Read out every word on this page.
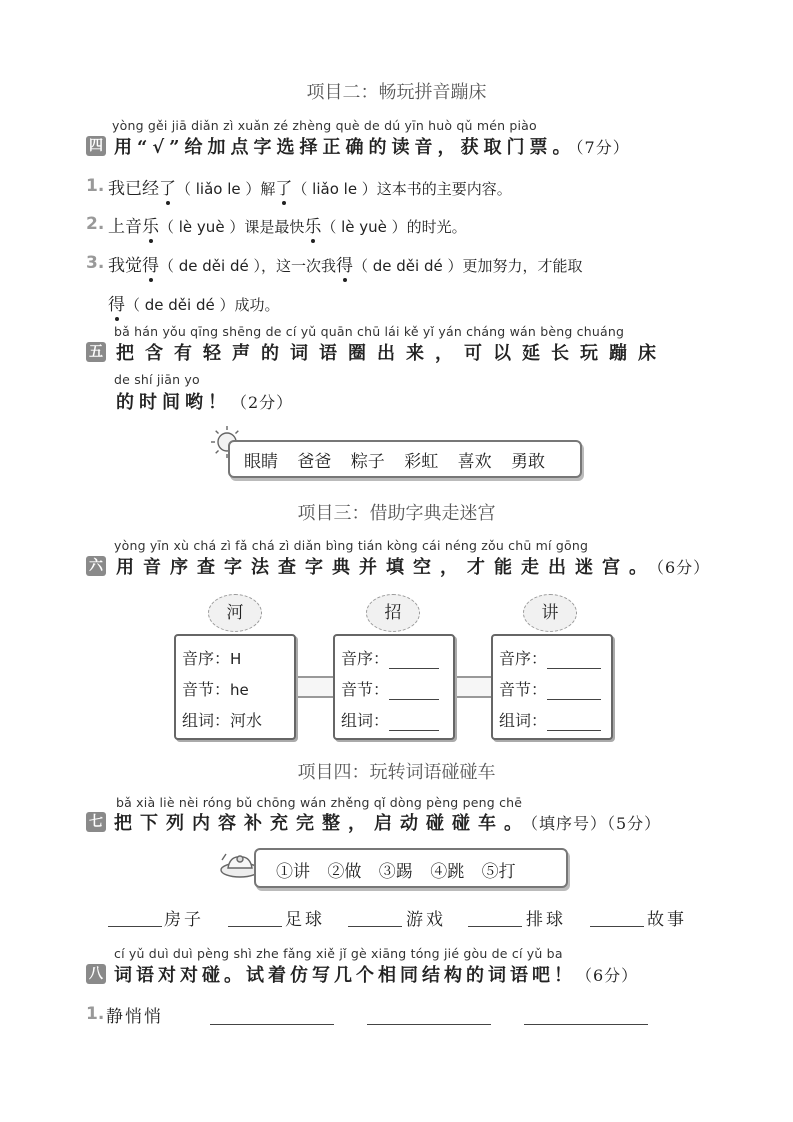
项目二：畅玩拼音蹦床
yòng gěi jiā diǎn zì xuǎn zé zhèng què de dú yīn huò qǔ mén piào
四 用“√”给加点字选择正确的读音，获取门票。（7分）
1. 我已经了（ liǎo le ）解了（ liǎo le ）这本书的主要内容。
2. 上音乐（ lè yuè ）课是最快乐（ lè yuè ）的时光。
3. 我觉得（ de děi dé ），这一次我得（ de děi dé ）更加努力，才能取
得（ de děi dé ）成功。
bǎ hán yǒu qīng shēng de cí yǔ quān chū lái kě yǐ yán cháng wán bèng chuáng
五 把含有轻声的词语圈出来，可以延长玩蹦床
de shí jiān yo
的时间哟！（2分）
眼睛 爸爸 粽子 彩虹 喜欢 勇敢
项目三：借助字典走迷宫
yòng yīn xù chá zì fǎ chá zì diǎn bìng tián kòng cái néng zǒu chū mí gōng
六 用音序查字法查字典并填空，才能走出迷宫。（6分）
河	招	讲
音序：H
音节：he
组词：河水
音序：
音节：
组词：
音序：
音节：
组词：
项目四：玩转词语碰碰车
bǎ xià liè nèi róng bǔ chōng wán zhěng qǐ dòng pèng peng chē
七 把下列内容补充完整，启动碰碰车。（填序号）（5分）
①讲 ②做 ③踢 ④跳 ⑤打
房子	足球	游戏	排球	故事
cí yǔ duì duì pèng shì zhe fǎng xiě jǐ gè xiāng tóng jié gòu de cí yǔ ba
八 词语对对碰。试着仿写几个相同结构的词语吧！（6分）
1. 静悄悄
